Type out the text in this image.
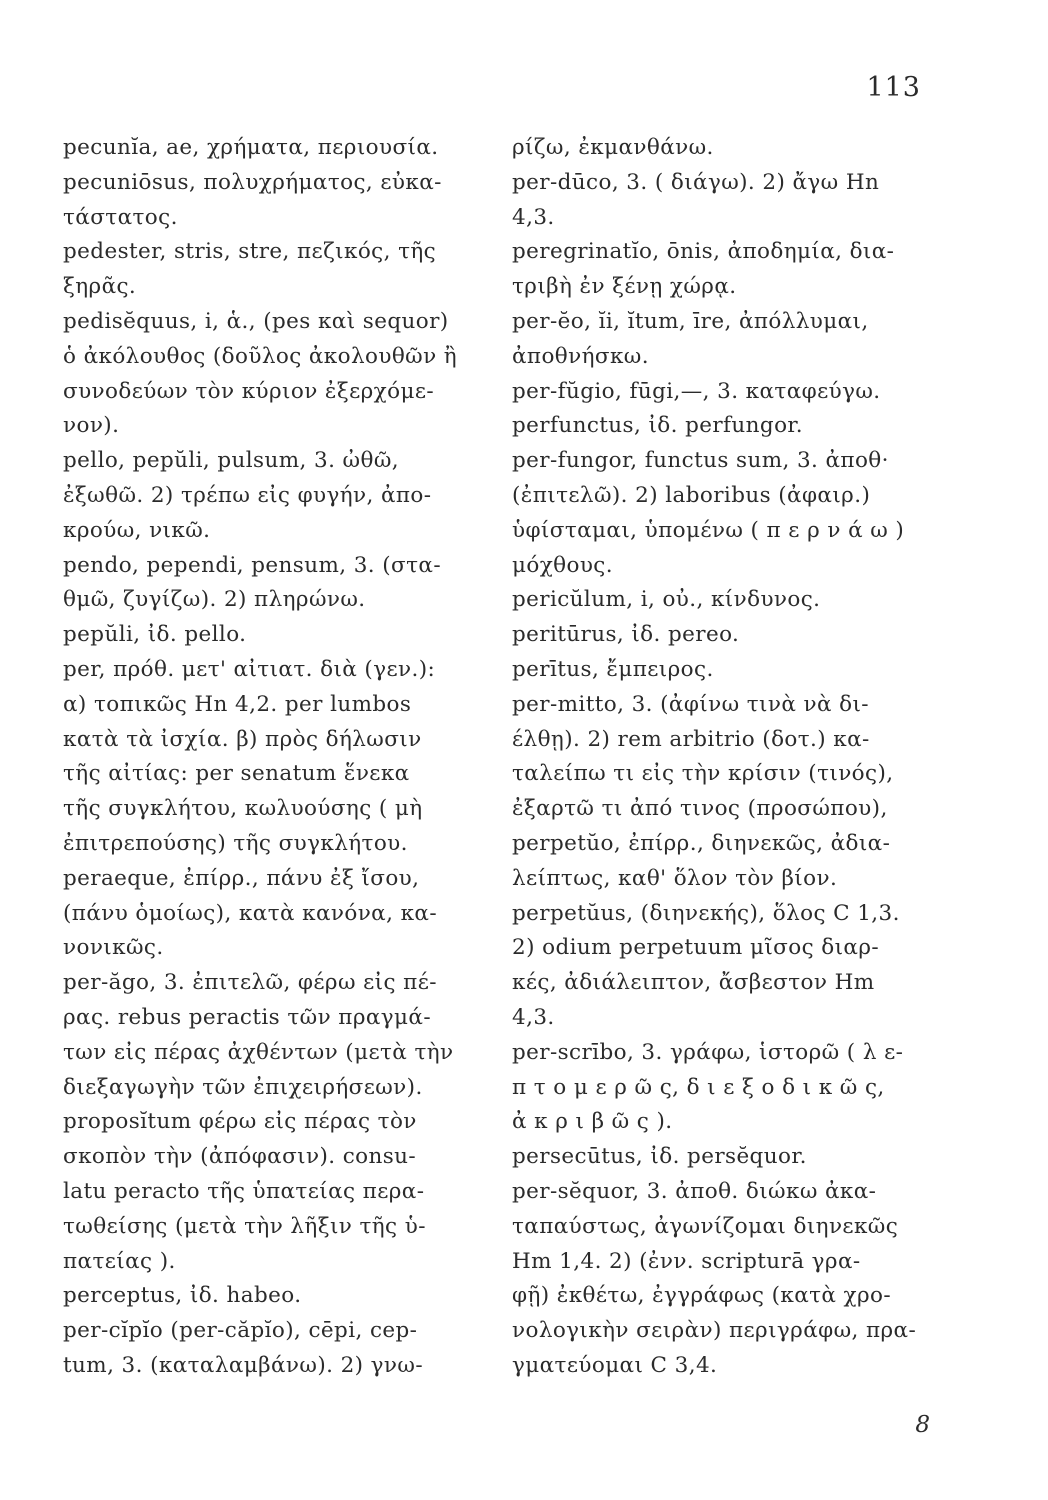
113
pecunĭa, ae, χρήματα, περιουσία.
pecuniōsus, πολυχρήματος, εὐκα-
τάστατος.
pedester, stris, stre, πεζικός, τῆς
ξηρᾶς.
pedisĕquus, i, ἁ., (pes καὶ sequor)
ὁ ἀκόλουθος (δοῦλος ἀκολουθῶν ἢ
συνοδεύων τὸν κύριον ἐξερχόμε-
νον).
pello, pepŭli, pulsum, 3. ὠθῶ,
ἐξωθῶ. 2) τρέπω εἰς φυγήν, ἀπο-
κρούω, νικῶ.
pendo, pependi, pensum, 3. (στα-
θμῶ, ζυγίζω). 2) πληρώνω.
pepŭli, ἰδ. pello.
per, πρόθ. μετ' αἰτιατ. διὰ (γεν.):
α) τοπικῶς Hn 4,2. per lumbos
κατὰ τὰ ἰσχία. β) πρὸς δήλωσιν
τῆς αἰτίας: per senatum ἕνεκα
τῆς συγκλήτου, κωλυούσης ( μὴ
ἐπιτρεπούσης) τῆς συγκλήτου.
peraeque, ἐπίρρ., πάνυ ἐξ ἴσου,
(πάνυ ὁμοίως), κατὰ κανόνα, κα-
νονικῶς.
per-ăgo, 3. ἐπιτελῶ, φέρω εἰς πέ-
ρας. rebus peractis τῶν πραγμά-
των εἰς πέρας ἀχθέντων (μετὰ τὴν
διεξαγωγὴν τῶν ἐπιχειρήσεων).
proposĭtum φέρω εἰς πέρας τὸν
σκοπὸν τὴν (ἀπόφασιν). consu-
latu peracto τῆς ὑπατείας περα-
τωθείσης (μετὰ τὴν λῆξιν τῆς ὑ-
πατείας ).
perceptus, ἰδ. habeo.
per-cĭpĭo (per-căpĭo), cēpi, cep-
tum, 3. (καταλαμβάνω). 2) γνω-
ρίζω, ἐκμανθάνω.
per-dūco, 3. ( διάγω). 2) ἄγω Hn
4,3.
peregrinatĭo, ōnis, ἀποδημία, δια-
τριβὴ ἐν ξένῃ χώρᾳ.
per-ĕo, ĭi, ĭtum, īre, ἀπόλλυμαι,
ἀποθνήσκω.
per-fŭgio, fūgi,—, 3. καταφεύγω.
perfunctus, ἰδ. perfungor.
per-fungor, functus sum, 3. ἀποθ·
(ἐπιτελῶ). 2) laboribus (ἀφαιρ.)
ὑφίσταμαι, ὑπομένω ( π ε ρ ν ά ω )
μόχθους.
pericŭlum, i, οὐ., κίνδυνος.
peritūrus, ἰδ. pereo.
perītus, ἔμπειρος.
per-mitto, 3. (ἀφίνω τινὰ νὰ δι-
έλθῃ). 2) rem arbitrio (δοτ.) κα-
ταλείπω τι εἰς τὴν κρίσιν (τινός),
ἐξαρτῶ τι ἀπό τινος (προσώπου),
perpetŭo, ἐπίρρ., διηνεκῶς, ἀδια-
λείπτως, καθ' ὅλον τὸν βίον.
perpetŭus, (διηνεκής), ὅλος C 1,3.
2) odium perpetuum μῖσος διαρ-
κές, ἀδιάλειπτον, ἄσβεστον Hm
4,3.
per-scrībo, 3. γράφω, ἱστορῶ ( λ ε-
π τ ο μ ε ρ ῶ ς, δ ι ε ξ ο δ ι κ ῶ ς,
ἀ κ ρ ι β ῶ ς ).
persecūtus, ἰδ. persĕquor.
per-sĕquor, 3. ἀποθ. διώκω ἀκα-
ταπαύστως, ἀγωνίζομαι διηνεκῶς
Hm 1,4. 2) (ἐνν. scripturā γρα-
φῇ) ἐκθέτω, ἐγγράφως (κατὰ χρο-
νολογικὴν σειρὰν) περιγράφω, πρα-
γματεύομαι C 3,4.
8
